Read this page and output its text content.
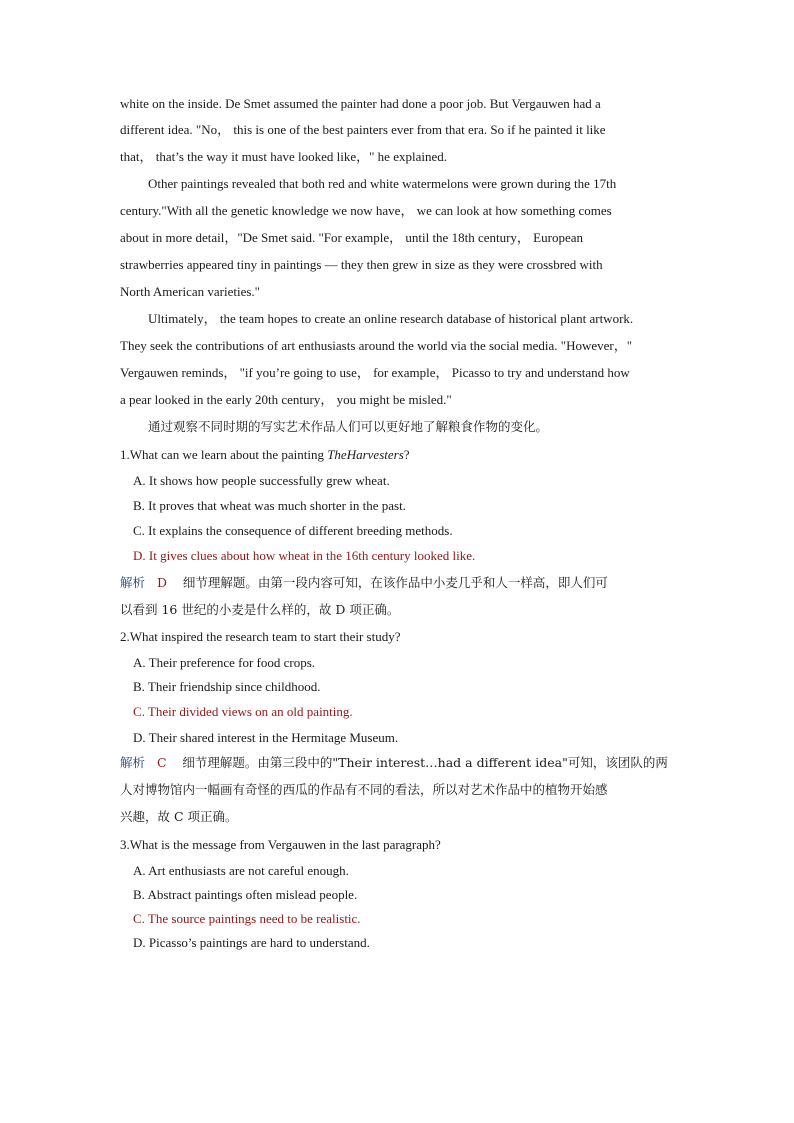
white on the inside. De Smet assumed the painter had done a poor job. But Vergauwen had a
different idea. "No， this is one of the best painters ever from that era. So if he painted it like
that， that’s the way it must have looked like，" he explained.
Other paintings revealed that both red and white watermelons were grown during the 17th
century."With all the genetic knowledge we now have， we can look at how something comes
about in more detail，"De Smet said. "For example， until the 18th century， European
strawberries appeared tiny in paintings — they then grew in size as they were crossbred with
North American varieties."
Ultimately， the team hopes to create an online research database of historical plant artwork.
They seek the contributions of art enthusiasts around the world via the social media. "However，"
Vergauwen reminds， "if you’re going to use， for example， Picasso to try and understand how
a pear looked in the early 20th century， you might be misled."
通过观察不同时期的写实艺术作品人们可以更好地了解粮食作物的变化。
1.What can we learn about the painting TheHarvesters?
A. It shows how people successfully grew wheat.
B. It proves that wheat was much shorter in the past.
C. It explains the consequence of different breeding methods.
D. It gives clues about how wheat in the 16th century looked like.
解析 D 细节理解题。由第一段内容可知，在该作品中小麦几乎和人一样高，即人们可
以看到 16 世纪的小麦是什么样的，故 D 项正确。
2.What inspired the research team to start their study?
A. Their preference for food crops.
B. Their friendship since childhood.
C. Their divided views on an old painting.
D. Their shared interest in the Hermitage Museum.
解析 C 细节理解题。由第三段中的"Their interest…had a different idea"可知，该团队的两
人对博物馆内一幅画有奇怪的西瓜的作品有不同的看法，所以对艺术作品中的植物开始感
兴趣，故 C 项正确。
3.What is the message from Vergauwen in the last paragraph?
A. Art enthusiasts are not careful enough.
B. Abstract paintings often mislead people.
C. The source paintings need to be realistic.
D. Picasso’s paintings are hard to understand.
